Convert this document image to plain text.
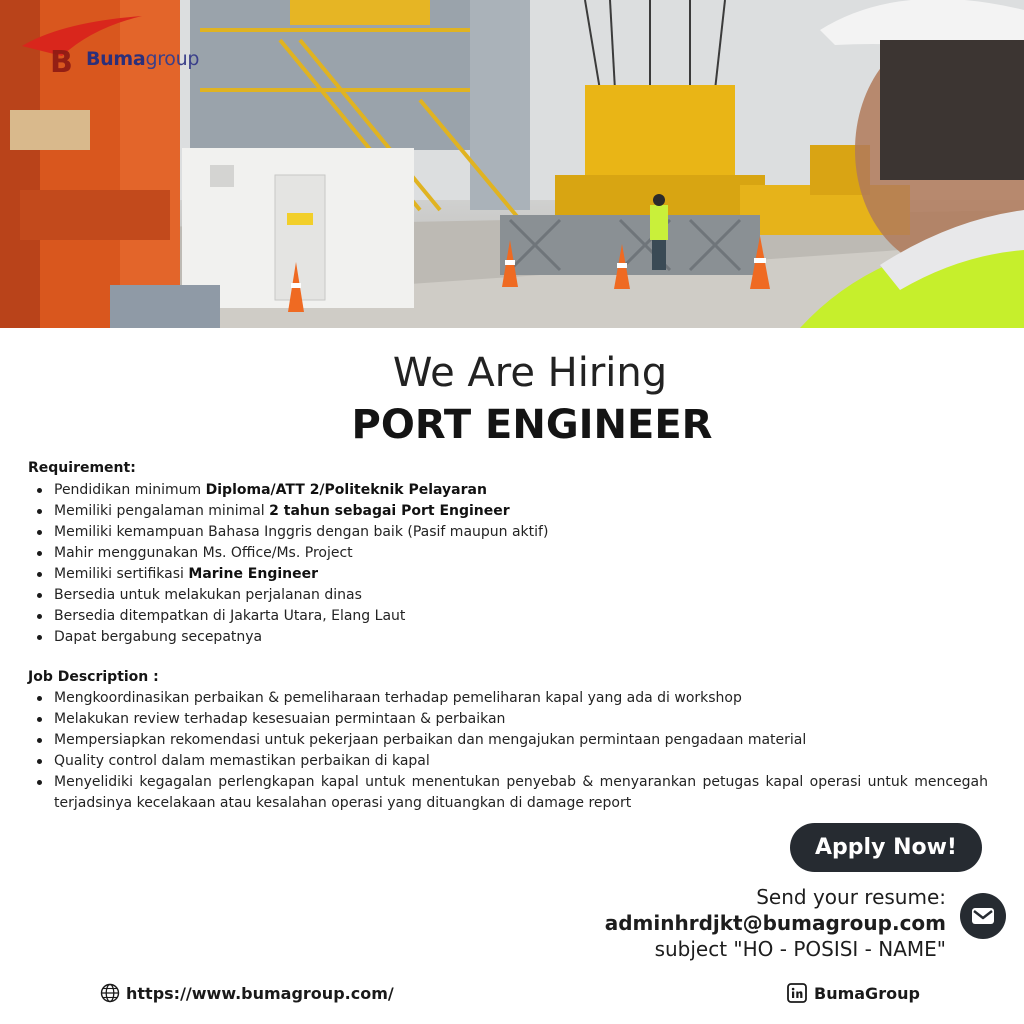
B Bumagroup
We Are Hiring
PORT ENGINEER
Requirement:
Pendidikan minimum Diploma/ATT 2/Politeknik Pelayaran
Memiliki pengalaman minimal 2 tahun sebagai Port Engineer
Memiliki kemampuan Bahasa Inggris dengan baik (Pasif maupun aktif)
Mahir menggunakan Ms. Office/Ms. Project
Memiliki sertifikasi Marine Engineer
Bersedia untuk melakukan perjalanan dinas
Bersedia ditempatkan di Jakarta Utara, Elang Laut
Dapat bergabung secepatnya
Job Description :
Mengkoordinasikan perbaikan & pemeliharaan terhadap pemeliharan kapal yang ada di workshop
Melakukan review terhadap kesesuaian permintaan & perbaikan
Mempersiapkan rekomendasi untuk pekerjaan perbaikan dan mengajukan permintaan pengadaan material
Quality control dalam memastikan perbaikan di kapal
Menyelidiki kegagalan perlengkapan kapal untuk menentukan penyebab & menyarankan petugas kapal operasi untuk mencegah terjadsinya kecelakaan atau kesalahan operasi yang dituangkan di damage report
Apply Now!
Send your resume:
adminhrdjkt@bumagroup.com
subject "HO - POSISI - NAME"
https://www.bumagroup.com/	BumaGroup
